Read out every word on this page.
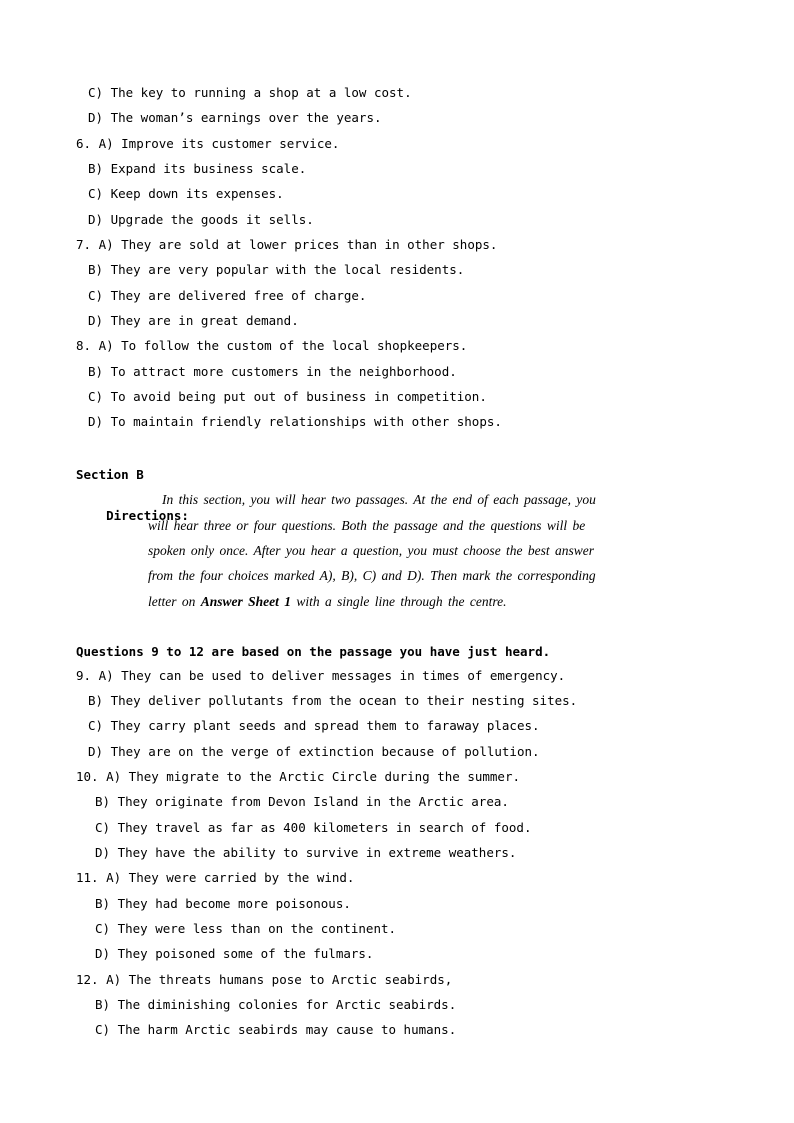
C) The key to running a shop at a low cost.
D) The woman’s earnings over the years.
6. A) Improve its customer service.
B) Expand its business scale.
C) Keep down its expenses.
D) Upgrade the goods it sells.
7. A) They are sold at lower prices than in other shops.
B) They are very popular with the local residents.
C) They are delivered free of charge.
D) They are in great demand.
8. A) To follow the custom of the local shopkeepers.
B) To attract more customers in the neighborhood.
C) To avoid being put out of business in competition.
D) To maintain friendly relationships with other shops.
Section B

Directions:

In this section, you will hear two passages. At the end of each passage, you
will hear three or four questions. Both the passage and the questions will be
spoken only once. After you hear a question, you must choose the best answer
from the four choices marked A), B), C) and D). Then mark the corresponding
letter on Answer Sheet 1 with a single line through the centre.
Questions 9 to 12 are based on the passage you have just heard.
9. A) They can be used to deliver messages in times of emergency.
B) They deliver pollutants from the ocean to their nesting sites.
C) They carry plant seeds and spread them to faraway places.
D) They are on the verge of extinction because of pollution.
10. A) They migrate to the Arctic Circle during the summer.
B) They originate from Devon Island in the Arctic area.
C) They travel as far as 400 kilometers in search of food.
D) They have the ability to survive in extreme weathers.
11. A) They were carried by the wind.
B) They had become more poisonous.
C) They were less than on the continent.
D) They poisoned some of the fulmars.
12. A) The threats humans pose to Arctic seabirds,
B) The diminishing colonies for Arctic seabirds.
C) The harm Arctic seabirds may cause to humans.
